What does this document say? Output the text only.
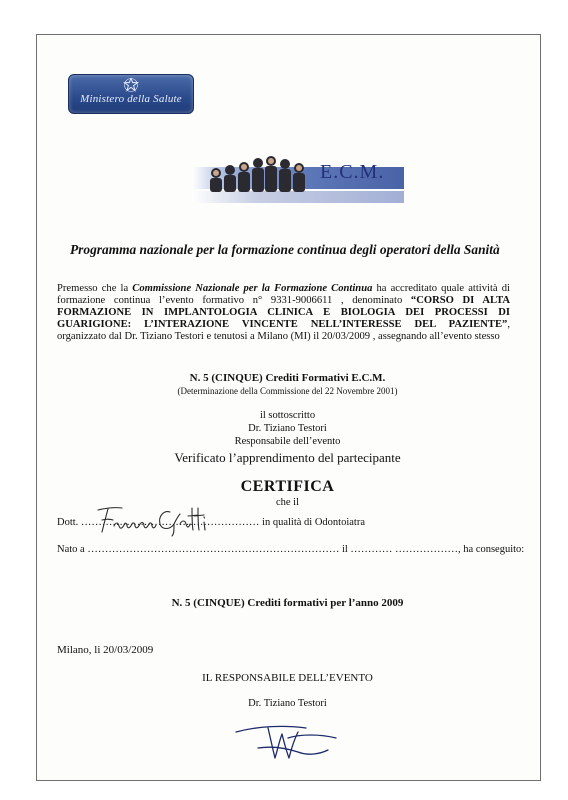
Ministero della Salute
E.C.M.
Programma nazionale per la formazione continua degli operatori della Sanità
Premesso che la Commissione Nazionale per la Formazione Continua ha accreditato quale attività di formazione continua l’evento formativo n° 9331-9006611 , denominato “CORSO DI ALTA FORMAZIONE IN IMPLANTOLOGIA CLINICA E BIOLOGIA DEI PROCESSI DI GUARIGIONE: L’INTERAZIONE VINCENTE NELL’INTERESSE DEL PAZIENTE”, organizzato dal Dr. Tiziano Testori e tenutosi a Milano (MI) il 20/03/2009 , assegnando all’evento stesso
N. 5 (CINQUE) Crediti Formativi E.C.M.
(Determinazione della Commissione del 22 Novembre 2001)
il sottoscritto
Dr. Tiziano Testori
Responsabile dell’evento
Verificato l’apprendimento del partecipante
CERTIFICA
che il
Dott. …………………………………………… in qualità di Odontoiatra
Nato a ……………………………………………………………… il ………… ………………, ha conseguito:
N. 5 (CINQUE) Crediti formativi per l’anno 2009
Milano, li 20/03/2009
IL RESPONSABILE DELL’EVENTO
Dr. Tiziano Testori
